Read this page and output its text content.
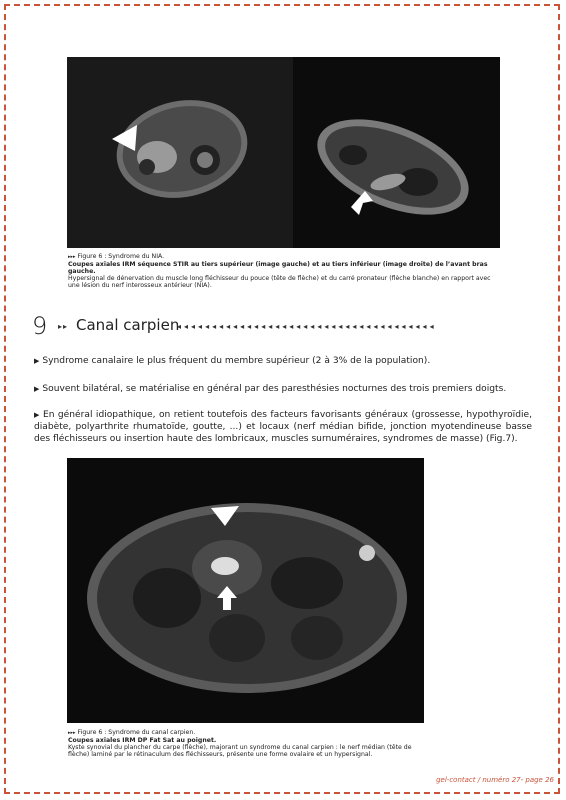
▸▸▸ Figure 6 : Syndrome du NIA.
Coupes axiales IRM séquence STIR au tiers supérieur (image gauche) et au tiers inférieur (image droite) de l’avant bras gauche.
Hypersignal de dénervation du muscle long fléchisseur du pouce (tête de flèche) et du carré pronateur (flèche blanche) en rapport avec une lésion du nerf interosseux antérieur (NIA).
9 ▸▸ Canal carpien
◂◂◂◂◂◂◂◂◂◂◂◂◂◂◂◂◂◂◂◂◂◂◂◂◂◂◂◂◂◂◂◂◂◂◂◂◂
▶ Syndrome canalaire le plus fréquent du membre supérieur (2 à 3% de la population).
▶ Souvent bilatéral, se matérialise en général par des paresthésies nocturnes des trois premiers doigts.
▶ En général idiopathique, on retient toutefois des facteurs favorisants généraux (grossesse, hypothyroïdie, diabète, polyarthrite rhumatoïde, goutte, ...) et locaux (nerf médian bifide, jonction myotendineuse basse des fléchisseurs ou insertion haute des lombricaux, muscles surnuméraires, syndromes de masse) (Fig.7).
▸▸▸ Figure 6 : Syndrome du canal carpien.
Coupes axiales IRM DP Fat Sat au poignet.
Kyste synovial du plancher du carpe (flèche), majorant un syndrome du canal carpien : le nerf médian (tête de flèche) laminé par le rétinaculum des fléchisseurs, présente une forme ovalaire et un hypersignal.
gel-contact / numéro 27- page 26
